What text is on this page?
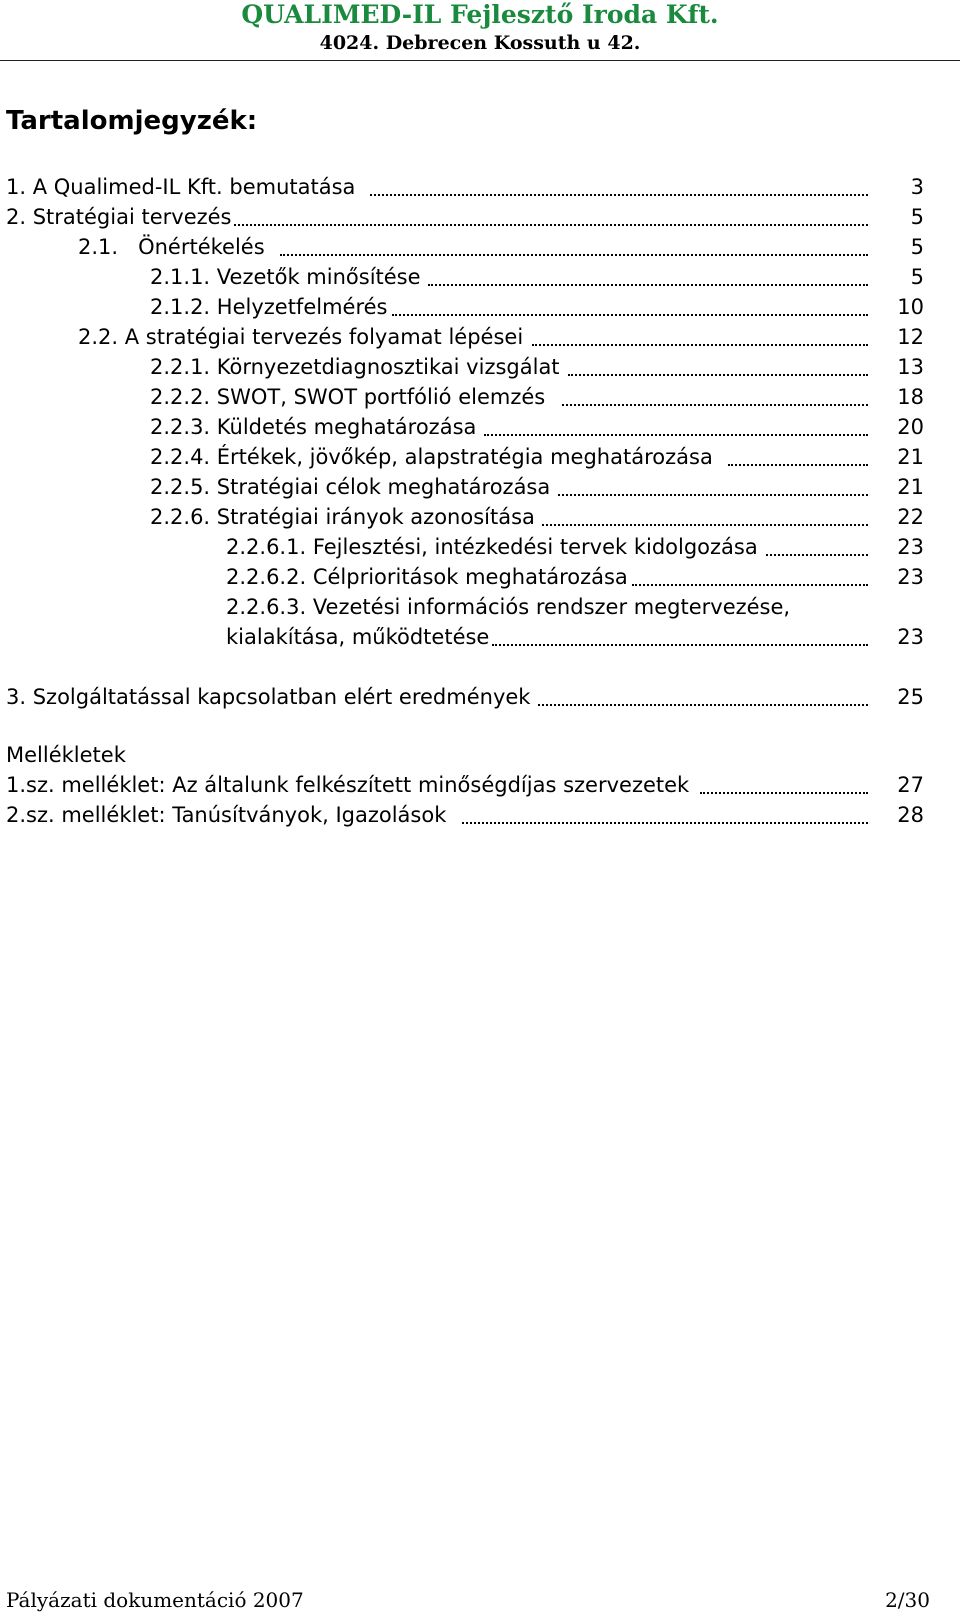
QUALIMED-IL Fejlesztő Iroda Kft.
4024. Debrecen Kossuth u 42.
Tartalomjegyzék:
1. A Qualimed-IL Kft. bemutatása	3
2. Stratégiai tervezés	5
2.1.   Önértékelés	5
2.1.1. Vezetők minősítése	5
2.1.2. Helyzetfelmérés	10
2.2. A stratégiai tervezés folyamat lépései	12
2.2.1. Környezetdiagnosztikai vizsgálat	13
2.2.2. SWOT, SWOT portfólió elemzés	18
2.2.3. Küldetés meghatározása	20
2.2.4. Értékek, jövőkép, alapstratégia meghatározása	21
2.2.5. Stratégiai célok meghatározása	21
2.2.6. Stratégiai irányok azonosítása	22
2.2.6.1. Fejlesztési, intézkedési tervek kidolgozása	23
2.2.6.2. Célprioritások meghatározása	23
2.2.6.3. Vezetési információs rendszer megtervezése,
kialakítása, működtetése	23
3. Szolgáltatással kapcsolatban elért eredmények	25
Mellékletek
1.sz. melléklet: Az általunk felkészített minőségdíjas szervezetek	27
2.sz. melléklet: Tanúsítványok, Igazolások	28
Pályázati dokumentáció 2007	2/30
